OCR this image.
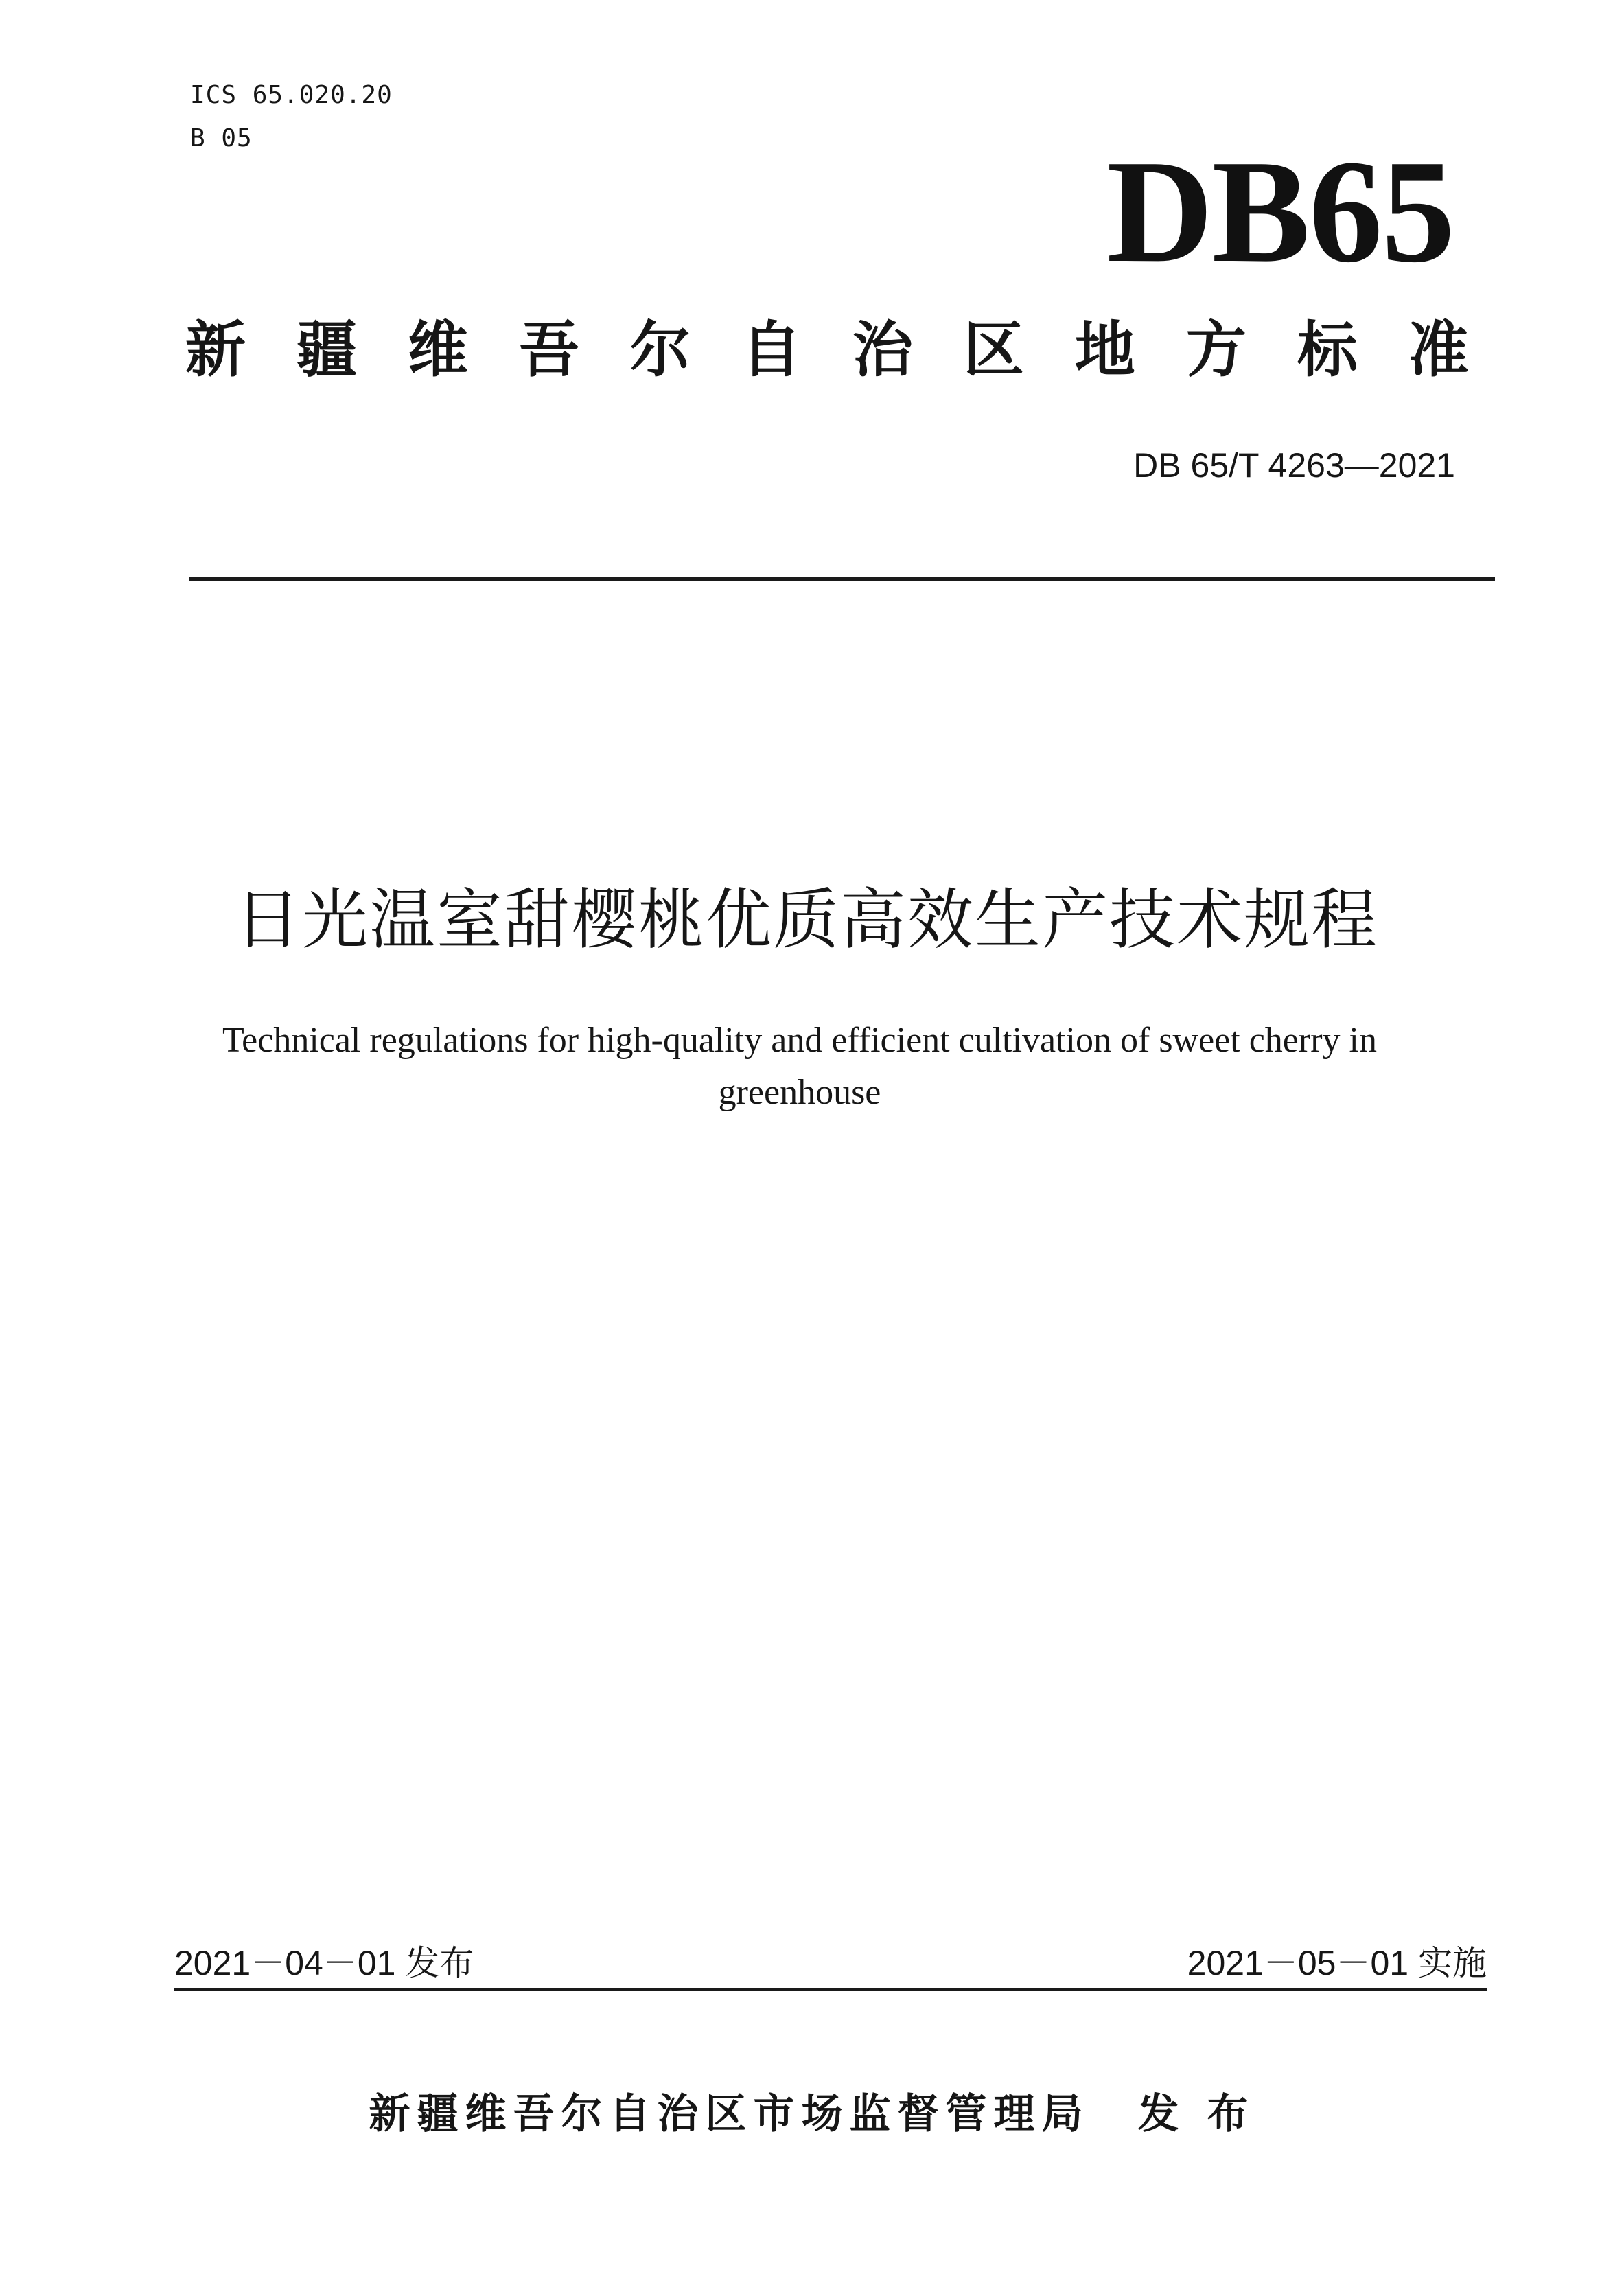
ICS 65.020.20
B 05	DB65
新 疆 维 吾 尔 自 治 区 地 方 标 准
DB 65/T 4263—2021
日光温室甜樱桃优质高效生产技术规程
Technical regulations for high-quality and efficient cultivation of sweet cherry in greenhouse
2021－04－01 发布	2021－05－01 实施
新疆维吾尔自治区市场监督管理局 发 布
